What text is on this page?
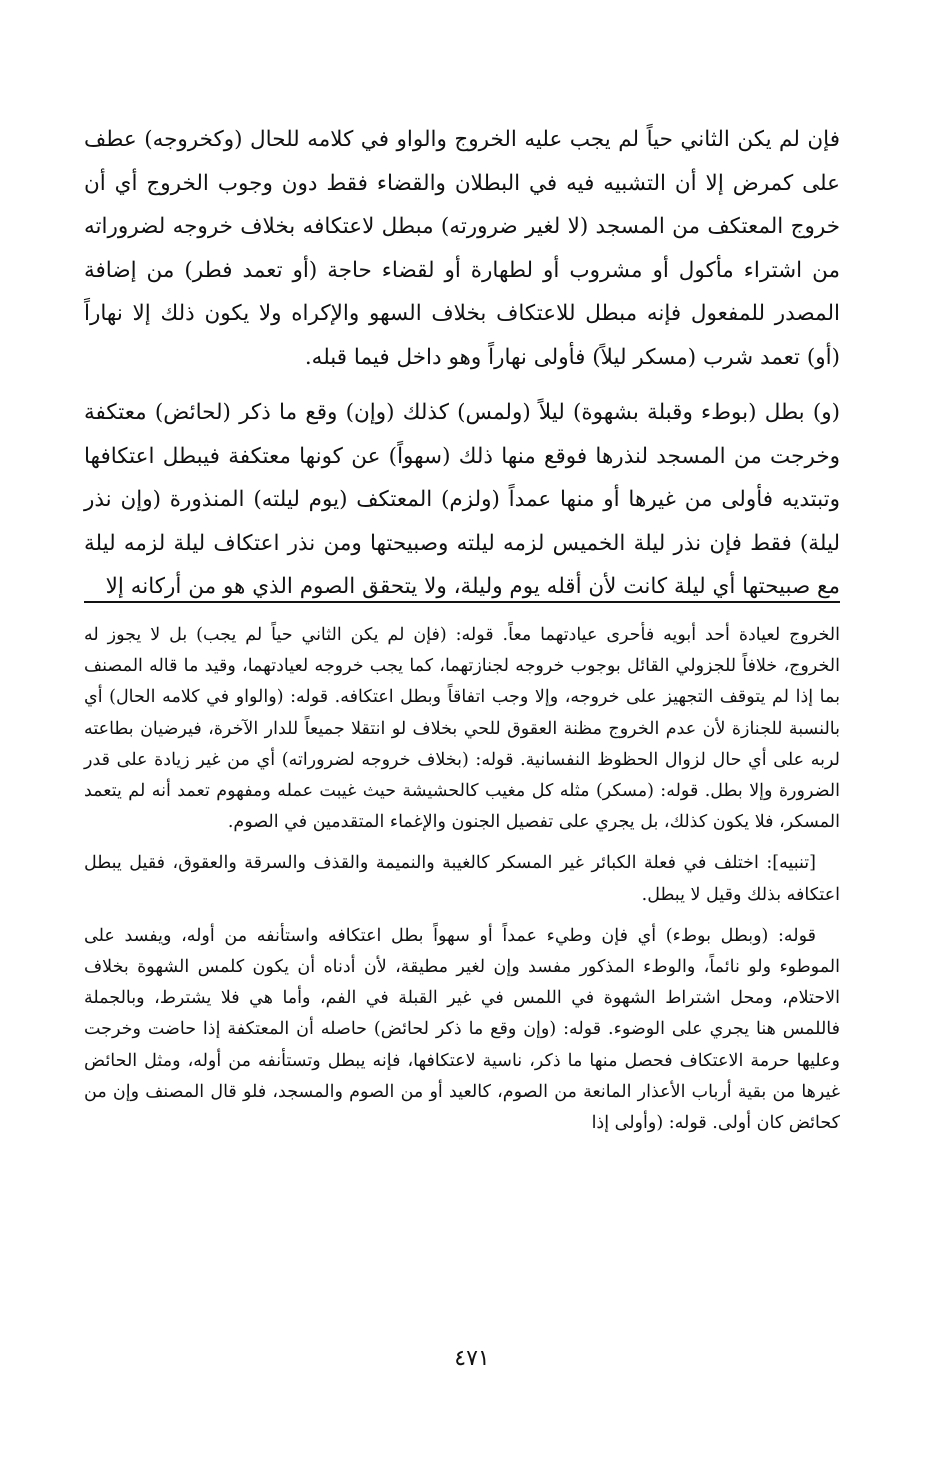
فإن لم يكن الثاني حياً لم يجب عليه الخروج والواو في كلامه للحال (وكخروجه) عطف على كمرض إلا أن التشبيه فيه في البطلان والقضاء فقط دون وجوب الخروج أي أن خروج المعتكف من المسجد (لا لغير ضرورته) مبطل لاعتكافه بخلاف خروجه لضروراته من اشتراء مأكول أو مشروب أو لطهارة أو لقضاء حاجة (أو تعمد فطر) من إضافة المصدر للمفعول فإنه مبطل للاعتكاف بخلاف السهو والإكراه ولا يكون ذلك إلا نهاراً (أو) تعمد شرب (مسكر ليلاً) فأولى نهاراً وهو داخل فيما قبله.

(و) بطل (بوطء وقبلة بشهوة) ليلاً (ولمس) كذلك (وإن) وقع ما ذكر (لحائض) معتكفة وخرجت من المسجد لنذرها فوقع منها ذلك (سهواً) عن كونها معتكفة فيبطل اعتكافها وتبتديه فأولى من غيرها أو منها عمداً (ولزم) المعتكف (يوم ليلته) المنذورة (وإن نذر ليلة) فقط فإن نذر ليلة الخميس لزمه ليلته وصبيحتها ومن نذر اعتكاف ليلة لزمه ليلة مع صبيحتها أي ليلة كانت لأن أقله يوم وليلة، ولا يتحقق الصوم الذي هو من أركانه إلا

الخروج لعيادة أحد أبويه فأحرى عيادتهما معاً. قوله: (فإن لم يكن الثاني حياً لم يجب) بل لا يجوز له الخروج، خلافاً للجزولي القائل بوجوب خروجه لجنازتهما، كما يجب خروجه لعيادتهما، وقيد ما قاله المصنف بما إذا لم يتوقف التجهيز على خروجه، وإلا وجب اتفاقاً وبطل اعتكافه. قوله: (والواو في كلامه الحال) أي بالنسبة للجنازة لأن عدم الخروج مظنة العقوق للحي بخلاف لو انتقلا جميعاً للدار الآخرة، فيرضيان بطاعته لربه على أي حال لزوال الحظوظ النفسانية. قوله: (بخلاف خروجه لضروراته) أي من غير زيادة على قدر الضرورة وإلا بطل. قوله: (مسكر) مثله كل مغيب كالحشيشة حيث غيبت عمله ومفهوم تعمد أنه لم يتعمد المسكر، فلا يكون كذلك، بل يجري على تفصيل الجنون والإغماء المتقدمين في الصوم.

[تنبيه]: اختلف في فعلة الكبائر غير المسكر كالغيبة والنميمة والقذف والسرقة والعقوق، فقيل يبطل اعتكافه بذلك وقيل لا يبطل.

قوله: (وبطل بوطء) أي فإن وطيء عمداً أو سهواً بطل اعتكافه واستأنفه من أوله، ويفسد على الموطوء ولو نائماً، والوطء المذكور مفسد وإن لغير مطيقة، لأن أدناه أن يكون كلمس الشهوة بخلاف الاحتلام، ومحل اشتراط الشهوة في اللمس في غير القبلة في الفم، وأما هي فلا يشترط، وبالجملة فاللمس هنا يجري على الوضوء. قوله: (وإن وقع ما ذكر لحائض) حاصله أن المعتكفة إذا حاضت وخرجت وعليها حرمة الاعتكاف فحصل منها ما ذكر، ناسية لاعتكافها، فإنه يبطل وتستأنفه من أوله، ومثل الحائض غيرها من بقية أرباب الأعذار المانعة من الصوم، كالعيد أو من الصوم والمسجد، فلو قال المصنف وإن من كحائض كان أولى. قوله: (وأولى إذا

٤٧١
